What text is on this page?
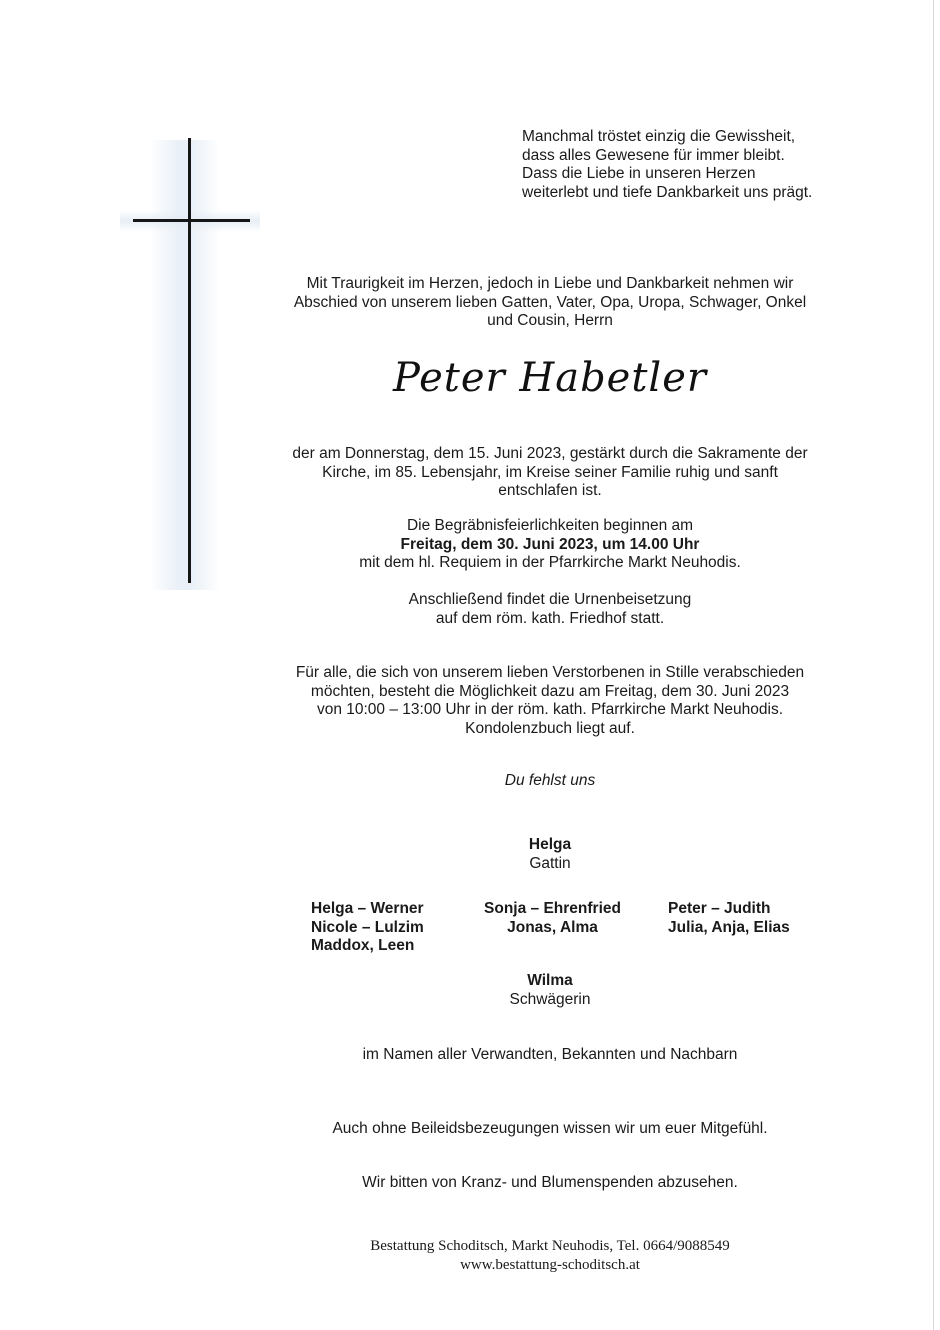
Manchmal tröstet einzig die Gewissheit,
dass alles Gewesene für immer bleibt.
Dass die Liebe in unseren Herzen
weiterlebt und tiefe Dankbarkeit uns prägt.
Mit Traurigkeit im Herzen, jedoch in Liebe und Dankbarkeit nehmen wir
Abschied von unserem lieben Gatten, Vater, Opa, Uropa, Schwager, Onkel
und Cousin, Herrn
Peter Habetler
der am Donnerstag, dem 15. Juni 2023, gestärkt durch die Sakramente der
Kirche, im 85. Lebensjahr, im Kreise seiner Familie ruhig und sanft
entschlafen ist.
Die Begräbnisfeierlichkeiten beginnen am
Freitag, dem 30. Juni 2023, um 14.00 Uhr
mit dem hl. Requiem in der Pfarrkirche Markt Neuhodis.
Anschließend findet die Urnenbeisetzung
auf dem röm. kath. Friedhof statt.
Für alle, die sich von unserem lieben Verstorbenen in Stille verabschieden
möchten, besteht die Möglichkeit dazu am Freitag, dem 30. Juni 2023
von 10:00 – 13:00 Uhr in der röm. kath. Pfarrkirche Markt Neuhodis.
Kondolenzbuch liegt auf.
Du fehlst uns
Helga
Gattin
Helga – Werner
Nicole – Lulzim
Maddox, Leen
Sonja – Ehrenfried
Jonas, Alma
Peter – Judith
Julia, Anja, Elias
Wilma
Schwägerin
im Namen aller Verwandten, Bekannten und Nachbarn
Auch ohne Beileidsbezeugungen wissen wir um euer Mitgefühl.
Wir bitten von Kranz- und Blumenspenden abzusehen.
Bestattung Schoditsch, Markt Neuhodis, Tel. 0664/9088549
www.bestattung-schoditsch.at
